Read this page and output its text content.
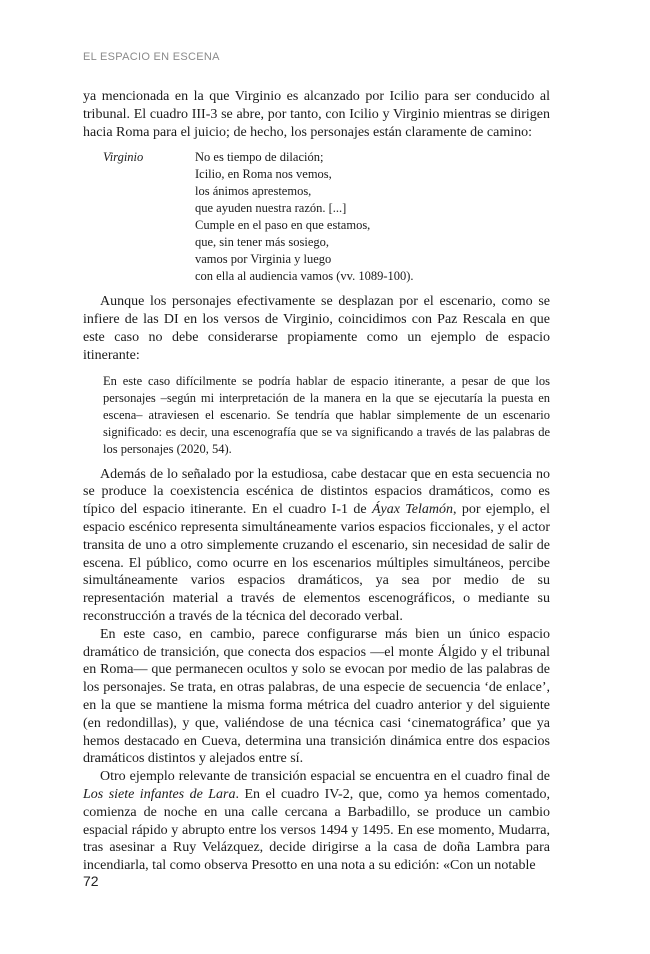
EL ESPACIO EN ESCENA

ya mencionada en la que Virginio es alcanzado por Icilio para ser conducido al tribunal. El cuadro III-3 se abre, por tanto, con Icilio y Virginio mientras se dirigen hacia Roma para el juicio; de hecho, los personajes están claramente de camino:

Virginio	No es tiempo de dilación;
Icilio, en Roma nos vemos,
los ánimos aprestemos,
que ayuden nuestra razón. [...]
Cumple en el paso en que estamos,
que, sin tener más sosiego,
vamos por Virginia y luego
con ella al audiencia vamos (vv. 1089-100).

Aunque los personajes efectivamente se desplazan por el escenario, como se infiere de las DI en los versos de Virginio, coincidimos con Paz Rescala en que este caso no debe considerarse propiamente como un ejemplo de espacio itinerante:

En este caso difícilmente se podría hablar de espacio itinerante, a pesar de que los personajes –según mi interpretación de la manera en la que se ejecutaría la puesta en escena– atraviesen el escenario. Se tendría que hablar simplemente de un escenario significado: es decir, una escenografía que se va significando a través de las palabras de los personajes (2020, 54).

Además de lo señalado por la estudiosa, cabe destacar que en esta secuencia no se produce la coexistencia escénica de distintos espacios dramáticos, como es típico del espacio itinerante. En el cuadro I-1 de Áyax Telamón, por ejemplo, el espacio escénico representa simultáneamente varios espacios ficcionales, y el actor transita de uno a otro simplemente cruzando el escenario, sin necesidad de salir de escena. El público, como ocurre en los escenarios múltiples simultáneos, percibe simultáneamente varios espacios dramáticos, ya sea por medio de su representación material a través de elementos escenográficos, o mediante su reconstrucción a través de la técnica del decorado verbal.

En este caso, en cambio, parece configurarse más bien un único espacio dramático de transición, que conecta dos espacios —el monte Álgido y el tribunal en Roma— que permanecen ocultos y solo se evocan por medio de las palabras de los personajes. Se trata, en otras palabras, de una especie de secuencia ‘de enlace’, en la que se mantiene la misma forma métrica del cuadro anterior y del siguiente (en redondillas), y que, valiéndose de una técnica casi ‘cinematográfica’ que ya hemos destacado en Cueva, determina una transición dinámica entre dos espacios dramáticos distintos y alejados entre sí.

Otro ejemplo relevante de transición espacial se encuentra en el cuadro final de Los siete infantes de Lara. En el cuadro IV-2, que, como ya hemos comentado, comienza de noche en una calle cercana a Barbadillo, se produce un cambio espacial rápido y abrupto entre los versos 1494 y 1495. En ese momento, Mudarra, tras asesinar a Ruy Velázquez, decide dirigirse a la casa de doña Lambra para incendiarla, tal como observa Presotto en una nota a su edición: «Con un notable

72
